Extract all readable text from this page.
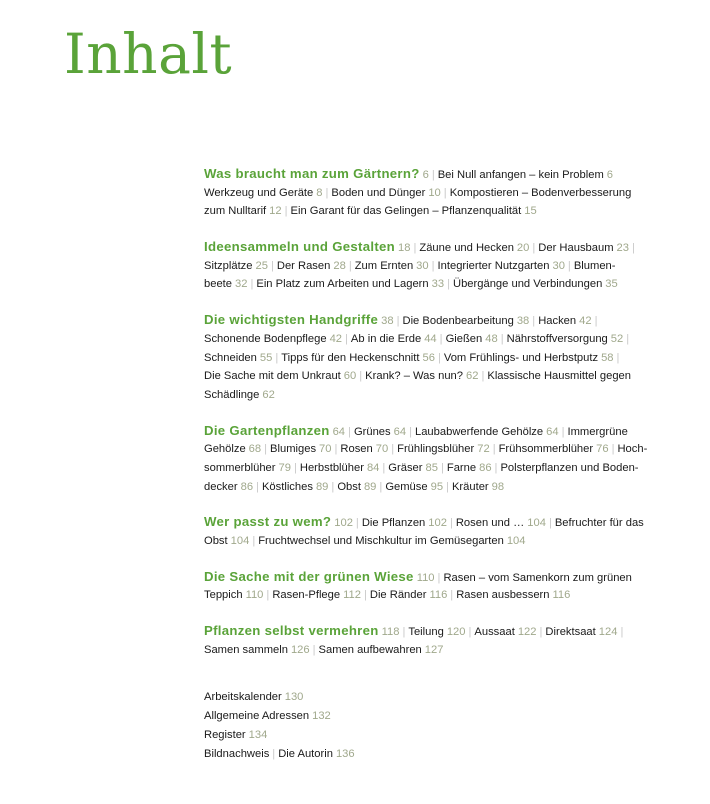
Inhalt
Was braucht man zum Gärtnern? 6 | Bei Null anfangen – kein Problem 6
Werkzeug und Geräte 8 | Boden und Dünger 10 | Kompostieren – Bodenverbesserung
zum Nulltarif 12 | Ein Garant für das Gelingen – Pflanzenqualität 15
Ideensammeln und Gestalten 18 | Zäune und Hecken 20 | Der Hausbaum 23 |
Sitzplätze 25 | Der Rasen 28 | Zum Ernten 30 | Integrierter Nutzgarten 30 | Blumen-
beete 32 | Ein Platz zum Arbeiten und Lagern 33 | Übergänge und Verbindungen 35
Die wichtigsten Handgriffe 38 | Die Bodenbearbeitung 38 | Hacken 42 |
Schonende Bodenpflege 42 | Ab in die Erde 44 | Gießen 48 | Nährstoffversorgung 52 |
Schneiden 55 | Tipps für den Heckenschnitt 56 | Vom Frühlings- und Herbstputz 58 |
Die Sache mit dem Unkraut 60 | Krank? – Was nun? 62 | Klassische Hausmittel gegen
Schädlinge 62
Die Gartenpflanzen 64 | Grünes 64 | Laubabwerfende Gehölze 64 | Immergrüne
Gehölze 68 | Blumiges 70 | Rosen 70 | Frühlingsblüher 72 | Frühsommerblüher 76 | Hoch-
sommerblüher 79 | Herbstblüher 84 | Gräser 85 | Farne 86 | Polsterpflanzen und Boden-
decker 86 | Köstliches 89 | Obst 89 | Gemüse 95 | Kräuter 98
Wer passt zu wem? 102 | Die Pflanzen 102 | Rosen und … 104 | Befruchter für das
Obst 104 | Fruchtwechsel und Mischkultur im Gemüsegarten 104
Die Sache mit der grünen Wiese 110 | Rasen – vom Samenkorn zum grünen
Teppich 110 | Rasen-Pflege 112 | Die Ränder 116 | Rasen ausbessern 116
Pflanzen selbst vermehren 118 | Teilung 120 | Aussaat 122 | Direktsaat 124 |
Samen sammeln 126 | Samen aufbewahren 127
Arbeitskalender 130
Allgemeine Adressen 132
Register 134
Bildnachweis | Die Autorin 136
